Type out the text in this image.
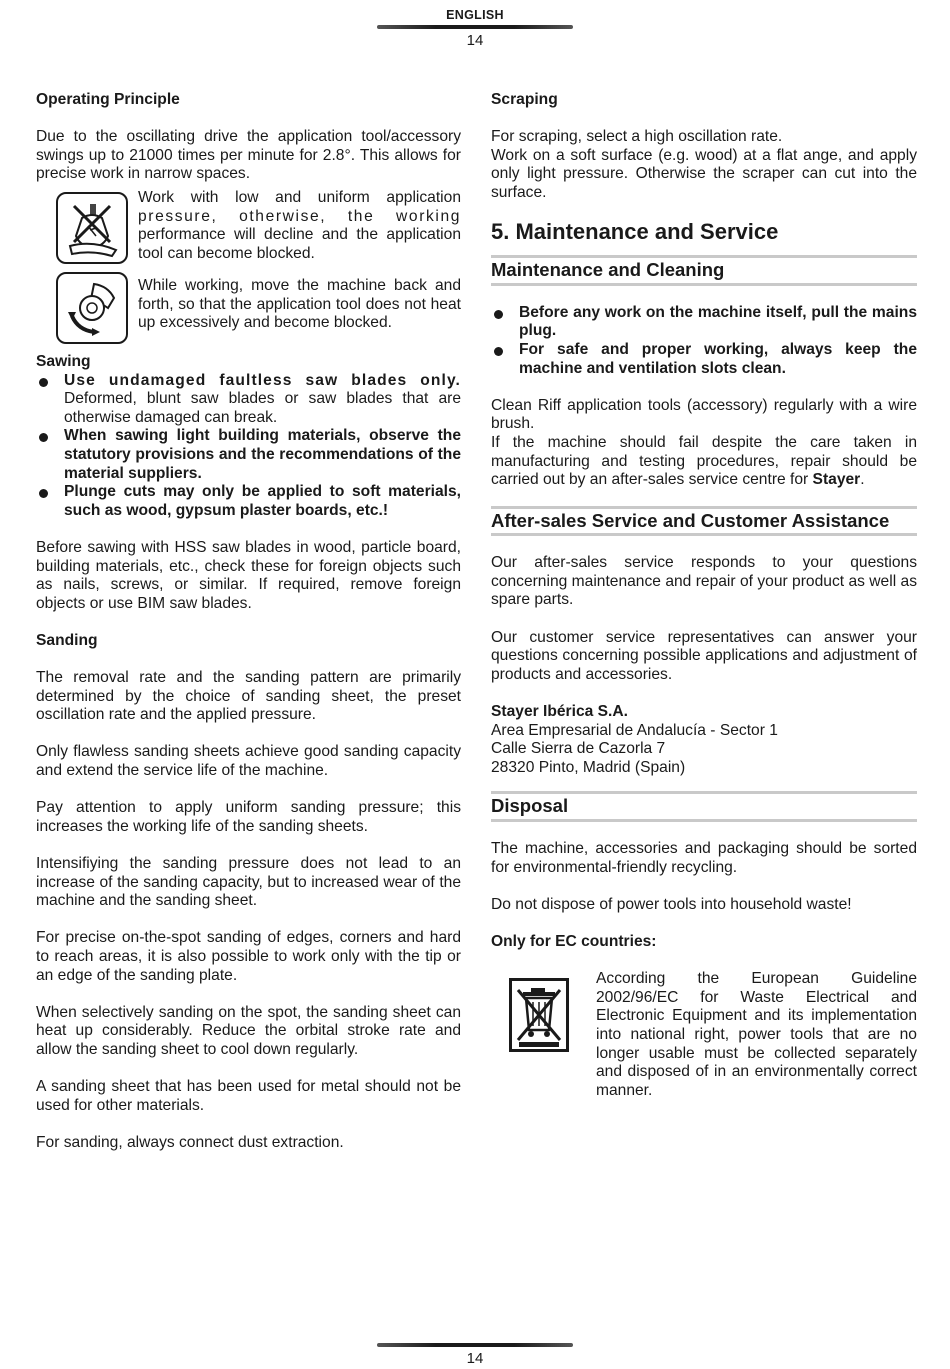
ENGLISH
14

Operating Principle

Due to the oscillating drive the application tool/accessory swings up to 21000 times per minute for 2.8°. This allows for precise work in narrow spaces.

Work with low and uniform application pressure, otherwise, the working performance will decline and the application tool can become blocked.
While working, move the machine back and forth, so that the application tool does not heat up excessively and become blocked.

Sawing

Use undamaged faultless saw blades only. Deformed, blunt saw blades or saw blades that are otherwise damaged can break.
When sawing light building materials, observe the statutory provisions and the recommendations of the material suppliers.
Plunge cuts may only be applied to soft materials, such as wood, gypsum plaster boards, etc.!

Before sawing with HSS saw blades in wood, particle board, building materials, etc., check these for foreign objects such as nails, screws, or similar. If required, remove foreign objects or use BIM saw blades.

Sanding

The removal rate and the sanding pattern are primarily determined by the choice of sanding sheet, the preset oscillation rate and the applied pressure.

Only flawless sanding sheets achieve good sanding capacity and extend the service life of the machine.

Pay attention to apply uniform sanding pressure; this increases the working life of the sanding sheets.

Intensifiying the sanding pressure does not lead to an increase of the sanding capacity, but to increased wear of the machine and the sanding sheet.

For precise on-the-spot sanding of edges, corners and hard to reach areas, it is also possible to work only with the tip or an edge of the sanding plate.

When selectively sanding on the spot, the sanding sheet can heat up considerably. Reduce the orbital stroke rate and allow the sanding sheet to cool down regularly.

A sanding sheet that has been used for metal should not be used for other materials.

For sanding, always connect dust extraction.

Scraping

For scraping, select a high oscillation rate.

Work on a soft surface (e.g. wood) at a flat ange, and apply only light pressure. Otherwise the scraper can cut into the surface.

5. Maintenance and Service
Maintenance and Cleaning
Before any work on the machine itself, pull the mains plug.
For safe and proper working, always keep the machine and ventilation slots clean.

Clean Riff application tools (accessory) regularly with a wire brush.

If the machine should fail despite the care taken in manufacturing and testing procedures, repair should be carried out by an after-sales service centre for Stayer.

After-sales Service and Customer Assistance

Our after-sales service responds to your questions concerning maintenance and repair of your product as well as spare parts.

Our customer service representatives can answer your questions concerning possible applications and adjustment of products and accessories.

Stayer Ibérica S.A.

Area Empresarial de Andalucía - Sector 1

Calle Sierra de Cazorla 7

28320 Pinto, Madrid (Spain)

Disposal

The machine, accessories and packaging should be sorted for environmental-friendly recycling.

Do not dispose of power tools into household waste!

Only for EC countries:

According the European Guideline 2002/96/EC for Waste Electrical and Electronic Equipment and its implementation into national right, power tools that are no longer usable must be collected separately and disposed of in an environmentally correct manner.
14
